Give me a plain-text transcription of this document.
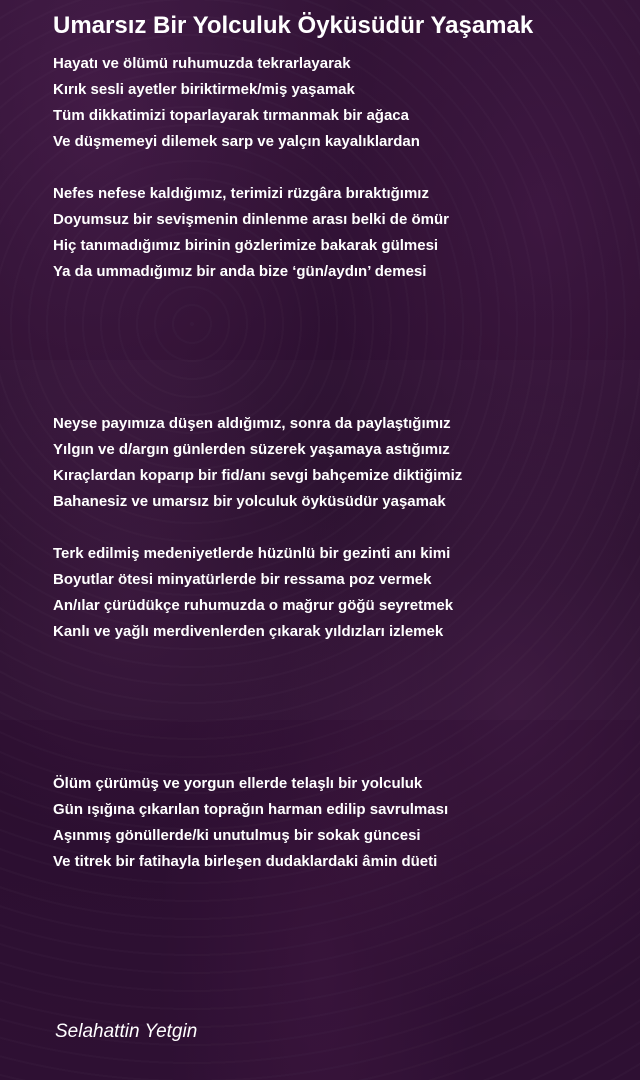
Umarsız Bir Yolculuk Öyküsüdür Yaşamak
Hayatı ve ölümü ruhumuzda tekrarlayarak
Kırık sesli ayetler biriktirmek/miş yaşamak
Tüm dikkatimizi toparlayarak tırmanmak bir ağaca
Ve düşmemeyi dilemek sarp ve yalçın kayalıklardan
Nefes nefese kaldığımız, terimizi rüzgâra bıraktığımız
Doyumsuz bir sevişmenin dinlenme arası belki de ömür
Hiç tanımadığımız birinin gözlerimize bakarak gülmesi
Ya da ummadığımız bir anda bize ‘gün/aydın’ demesi
Neyse payımıza düşen aldığımız, sonra da paylaştığımız
Yılgın ve d/argın günlerden süzerek yaşamaya astığımız
Kıraçlardan koparıp bir fid/anı sevgi bahçemize diktiğimiz
Bahanesiz ve umarsız bir yolculuk öyküsüdür yaşamak
Terk edilmiş medeniyetlerde hüzünlü bir gezinti anı kimi
Boyutlar ötesi minyatürlerde bir ressama poz vermek
An/ılar çürüdükçe ruhumuzda o mağrur göğü seyretmek
Kanlı ve yağlı merdivenlerden çıkarak yıldızları izlemek
Ölüm çürümüş ve yorgun ellerde telaşlı bir yolculuk
Gün ışığına çıkarılan toprağın harman edilip savrulması
Aşınmış gönüllerde/ki unutulmuş bir sokak güncesi
Ve titrek bir fatihayla birleşen dudaklardaki âmin düeti
Selahattin Yetgin
